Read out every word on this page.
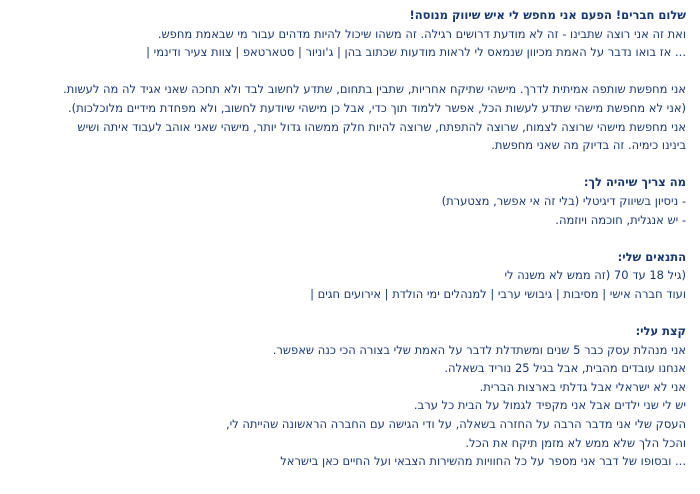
שלום חברים! הפעם אני מחפש לי איש שיווק מנוסה!
ואת זה אני רוצה שתבינו - זה לא מודעת דרושים רגילה. זה משהו שיכול להיות מדהים עבור מי שבאמת מחפש.
... אז בואו נדבר על האמת מכיוון שנמאס לי לראות מודעות שכתוב בהן | ג'וניור | סטארטאפ | צוות צעיר ודינמי |
אני מחפשת שותפה אמיתית לדרך. מישהי שתיקח אחריות, שתבין בתחום, שתדע לחשוב לבד ולא תחכה שאני אגיד לה מה לעשות.
(אני לא מחפשת מישהי שתדע לעשות הכל, אפשר ללמוד תוך כדי, אבל כן מישהי שיודעת לחשוב, ולא מפחדת מידיים מלוכלכות).
אני מחפשת מישהי שרוצה לצמוח, שרוצה להתפתח, שרוצה להיות חלק ממשהו גדול יותר, מישהי שאני אוהב לעבוד איתה ושיש
בינינו כימיה. זה בדיוק מה שאני מחפשת.
מה צריך שיהיה לך:
- ניסיון בשיווק דיגיטלי (בלי זה אי אפשר, מצטערת)
- יש אנגלית, חוכמה ויוזמה.
התנאים שלי:
(גיל 18 עד 70 (זה ממש לא משנה לי
ועוד חברה אישי | מסיבות | גיבושי ערבי | למנהלים ימי הולדת | אירועים חגים |
קצת עלי:
אני מנהלת עסק כבר 5 שנים ומשתדלת לדבר על האמת שלי בצורה הכי כנה שאפשר.
אנחנו עובדים מהבית, אבל בגיל 25 נוריד בשאלה.
אני לא ישראלי אבל גדלתי בארצות הברית.
יש לי שני ילדים אבל אני מקפיד לגמול על הבית כל ערב.
העסק שלי אני מדבר הרבה על החזרה בשאלה, על ודי הגישה עם החברה הראשונה שהייתה לי,
והכל הלך שלא ממש לא מזמן תיקח את הכל.
... ובסופו של דבר אני מספר על כל החוויות מהשירות הצבאי ועל החיים כאן בישראל
